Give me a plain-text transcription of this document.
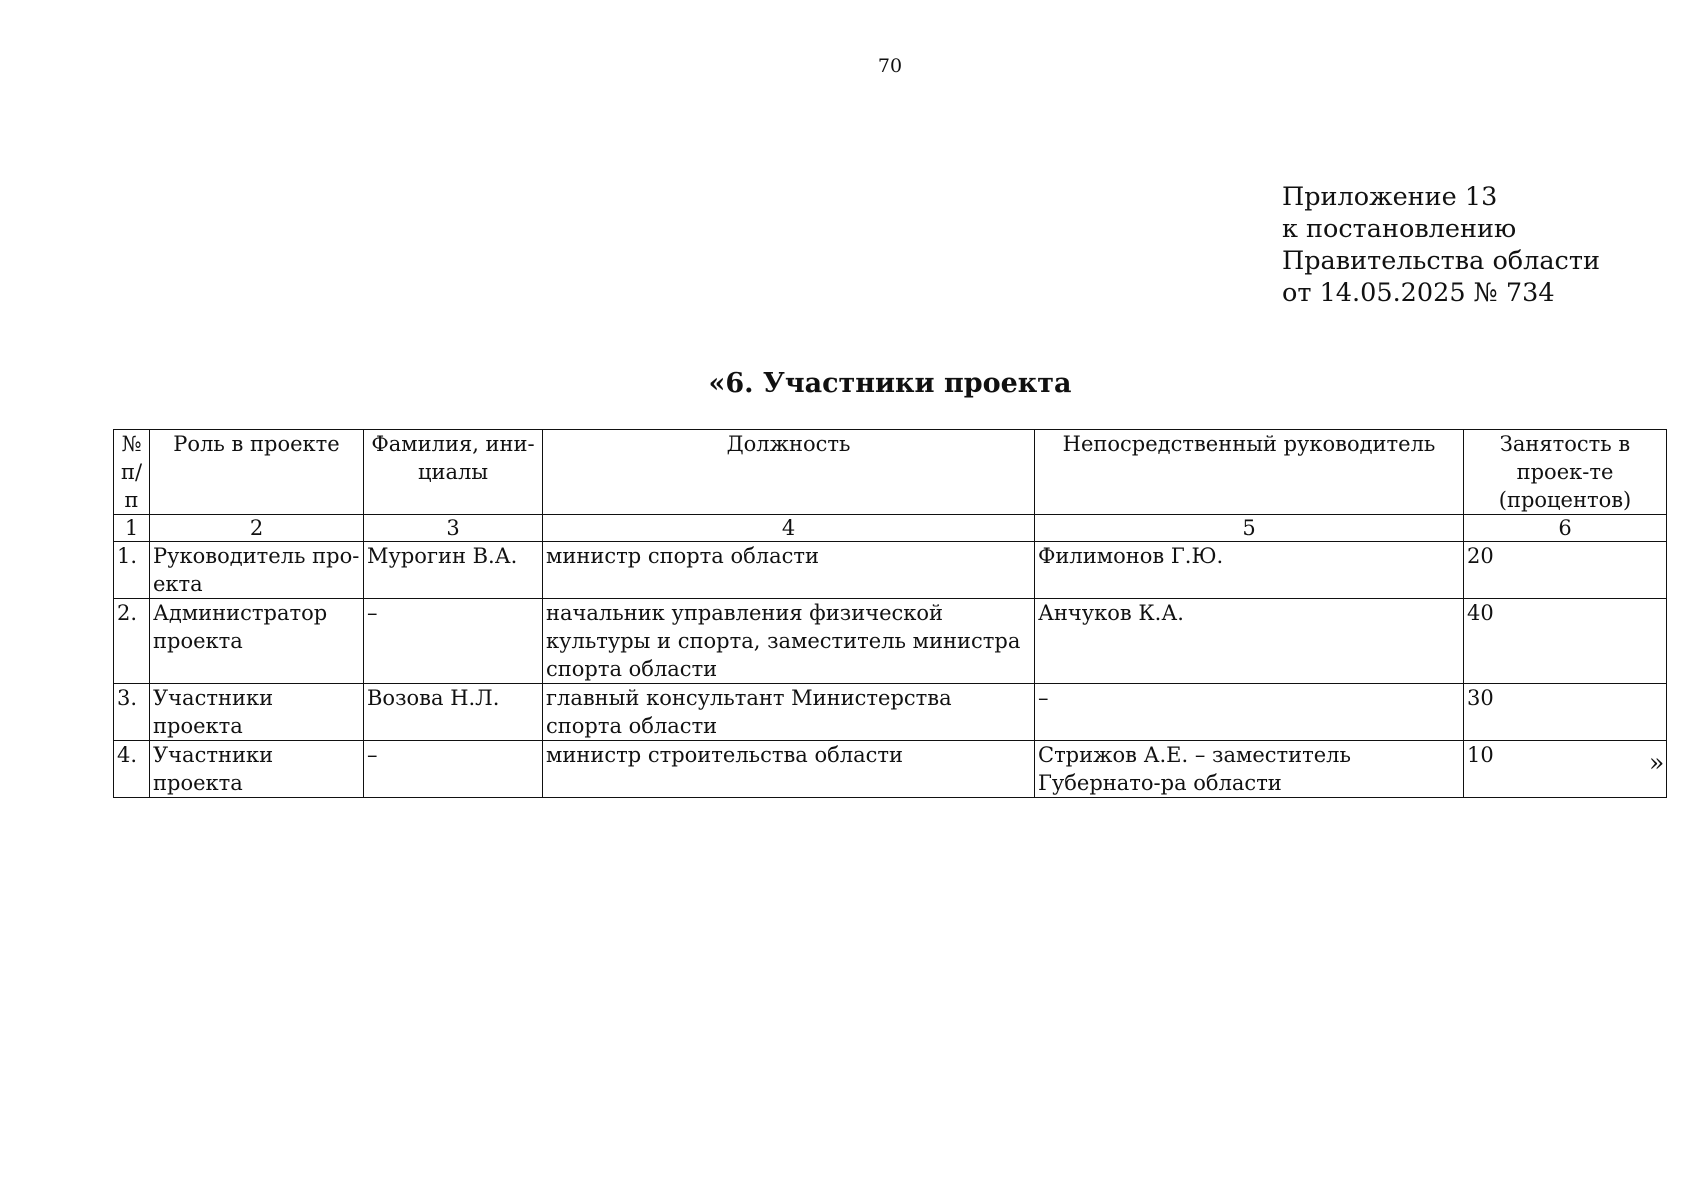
70
Приложение 13
к постановлению
Правительства области
от 14.05.2025 № 734
«6. Участники проекта
№ п/п	Роль в проекте	Фамилия, ини-циалы	Должность	Непосредственный руководитель	Занятость в проек-те (процентов)
1	2	3	4	5	6
1.	Руководитель про-екта	Мурогин В.А.	министр спорта области	Филимонов Г.Ю.	20
2.	Администратор проекта	–	начальник управления физической культуры и спорта, заместитель министра спорта области	Анчуков К.А.	40
3.	Участники проекта	Возова Н.Л.	главный консультант Министерства спорта области	–	30
4.	Участники проекта	–	министр строительства области	Стрижов А.Е. – заместитель Губернато-ра области	10	»
